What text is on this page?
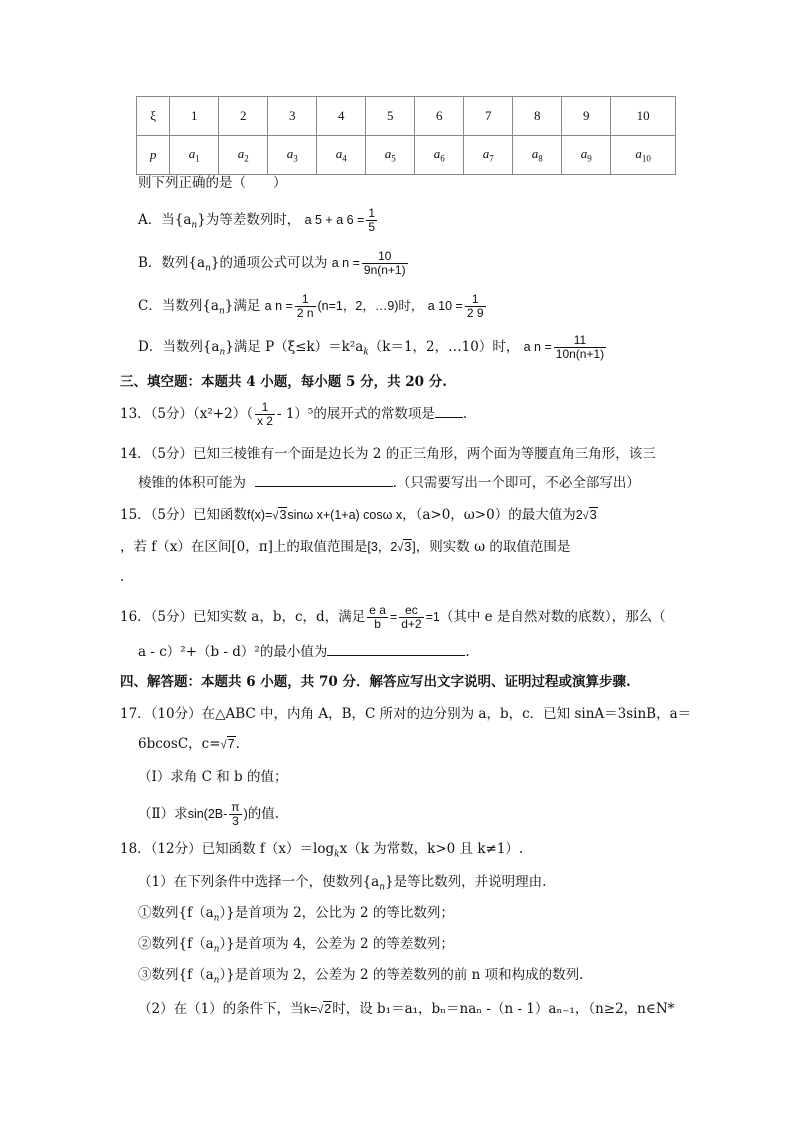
ξ	1	2	3	4	5	6	7	8	9	10
p	$a_1$	$a_2$	$a_3$	$a_4$	$a_5$	$a_6$	$a_7$	$a_8$	$a_9$	$a_{10}$
则下列正确的是（　　）
A．当$\{a_n\}$为等差数列时， a 5 + a $6 = \frac{1}{5}$
B．数列$\{a_n\}$的通项公式可以为 a $n = \frac{10}{9n(n+1)}$
C．当数列$\{a_n\}$满足 a $n = \frac{1}{2 n} (n=1$，2，…9)时， a $10 = \frac{1}{2 9}$
D．当数列$\{a_n\}$满足 $P(\xi\le k)=k^2a_k(k=1$，2，…10）时， a $n = \frac{11}{10n(n+1)}$
三、填空题：本题共 4 小题，每小题 5 分，共 20 分.
13．（5分）$(x^2+2)( \frac{1}{x 2} - 1)^5$的展开式的常数项是 .
14．（5分）已知三棱锥有一个面是边长为 2 的正三角形，两个面为等腰直角三角形，该三
棱锥的体积可能为	.（只需要写出一个即可，不必全部写出）
15．（5分）已知函数f(x)=√3sinω x+(1+a) cosω x，（a>0，ω>0）的最大值为2√3
，若 f（x）在区间[0，π]上的取值范围是[3，2√3]，则实数 ω 的取值范围是
.
16．（5分）已知实数 a，b，c，d，满足 $\frac{\text{e a}}{b} = \frac{ec}{d+2} =1$（其中 e 是自然对数的底数），那么（
a - c）²+（b - d）²的最小值为	.
四、解答题：本题共 6 小题，共 70 分．解答应写出文字说明、证明过程或演算步骤.
17．（10分）在△ABC 中，内角 A，B，C 所对的边分别为 a，b，c．已知 sinA＝3sinB，a＝
6bcosC，c=√7.
（Ⅰ）求角 C 和 b 的值；
（Ⅱ）求$\sin(2B- \frac{\pi}{3}$ )的值.
18．（12分）已知函数 $f(x)=\log_kx(k$ 为常数，k>0 且 k≠1）.
（1）在下列条件中选择一个，使数列$\{a_n\}$是等比数列，并说明理由.
①数列$\{f(a_n)\}$是首项为 2，公比为 2 的等比数列；
②数列$\{f(a_n)\}$是首项为 4，公差为 2 的等差数列；
③数列$\{f(a_n)\}$是首项为 2，公差为 2 的等差数列的前 n 项和构成的数列.
（2）在（1）的条件下，当k=√2时，设 b₁＝a₁，bₙ＝naₙ -（n - 1）aₙ₋₁，（n≥2，n∈N*
